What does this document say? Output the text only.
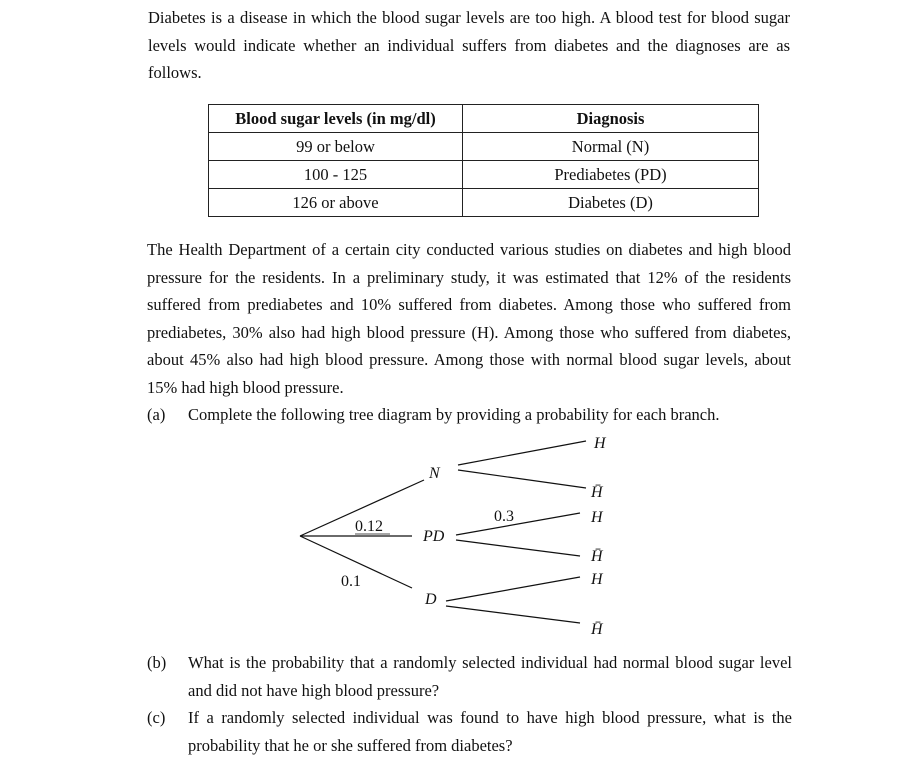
Diabetes is a disease in which the blood sugar levels are too high. A blood test for blood sugar levels would indicate whether an individual suffers from diabetes and the diagnoses are as follows.

Blood sugar levels (in mg/dl)	Diagnosis
99 or below	Normal (N)
100 - 125	Prediabetes (PD)
126 or above	Diabetes (D)

The Health Department of a certain city conducted various studies on diabetes and high blood pressure for the residents. In a preliminary study, it was estimated that 12% of the residents suffered from prediabetes and 10% suffered from diabetes. Among those who suffered from prediabetes, 30% also had high blood pressure (H). Among those who suffered from diabetes, about 45% also had high blood pressure. Among those with normal blood sugar levels, about 15% had high blood pressure.

(a) Complete the following tree diagram by providing a probability for each branch.
N
PD
D
0.12
0.1
0.3
H
H̄
H
H̄
H
H̄
(b) What is the probability that a randomly selected individual had normal blood sugar level and did not have high blood pressure?
(c) If a randomly selected individual was found to have high blood pressure, what is the probability that he or she suffered from diabetes?
